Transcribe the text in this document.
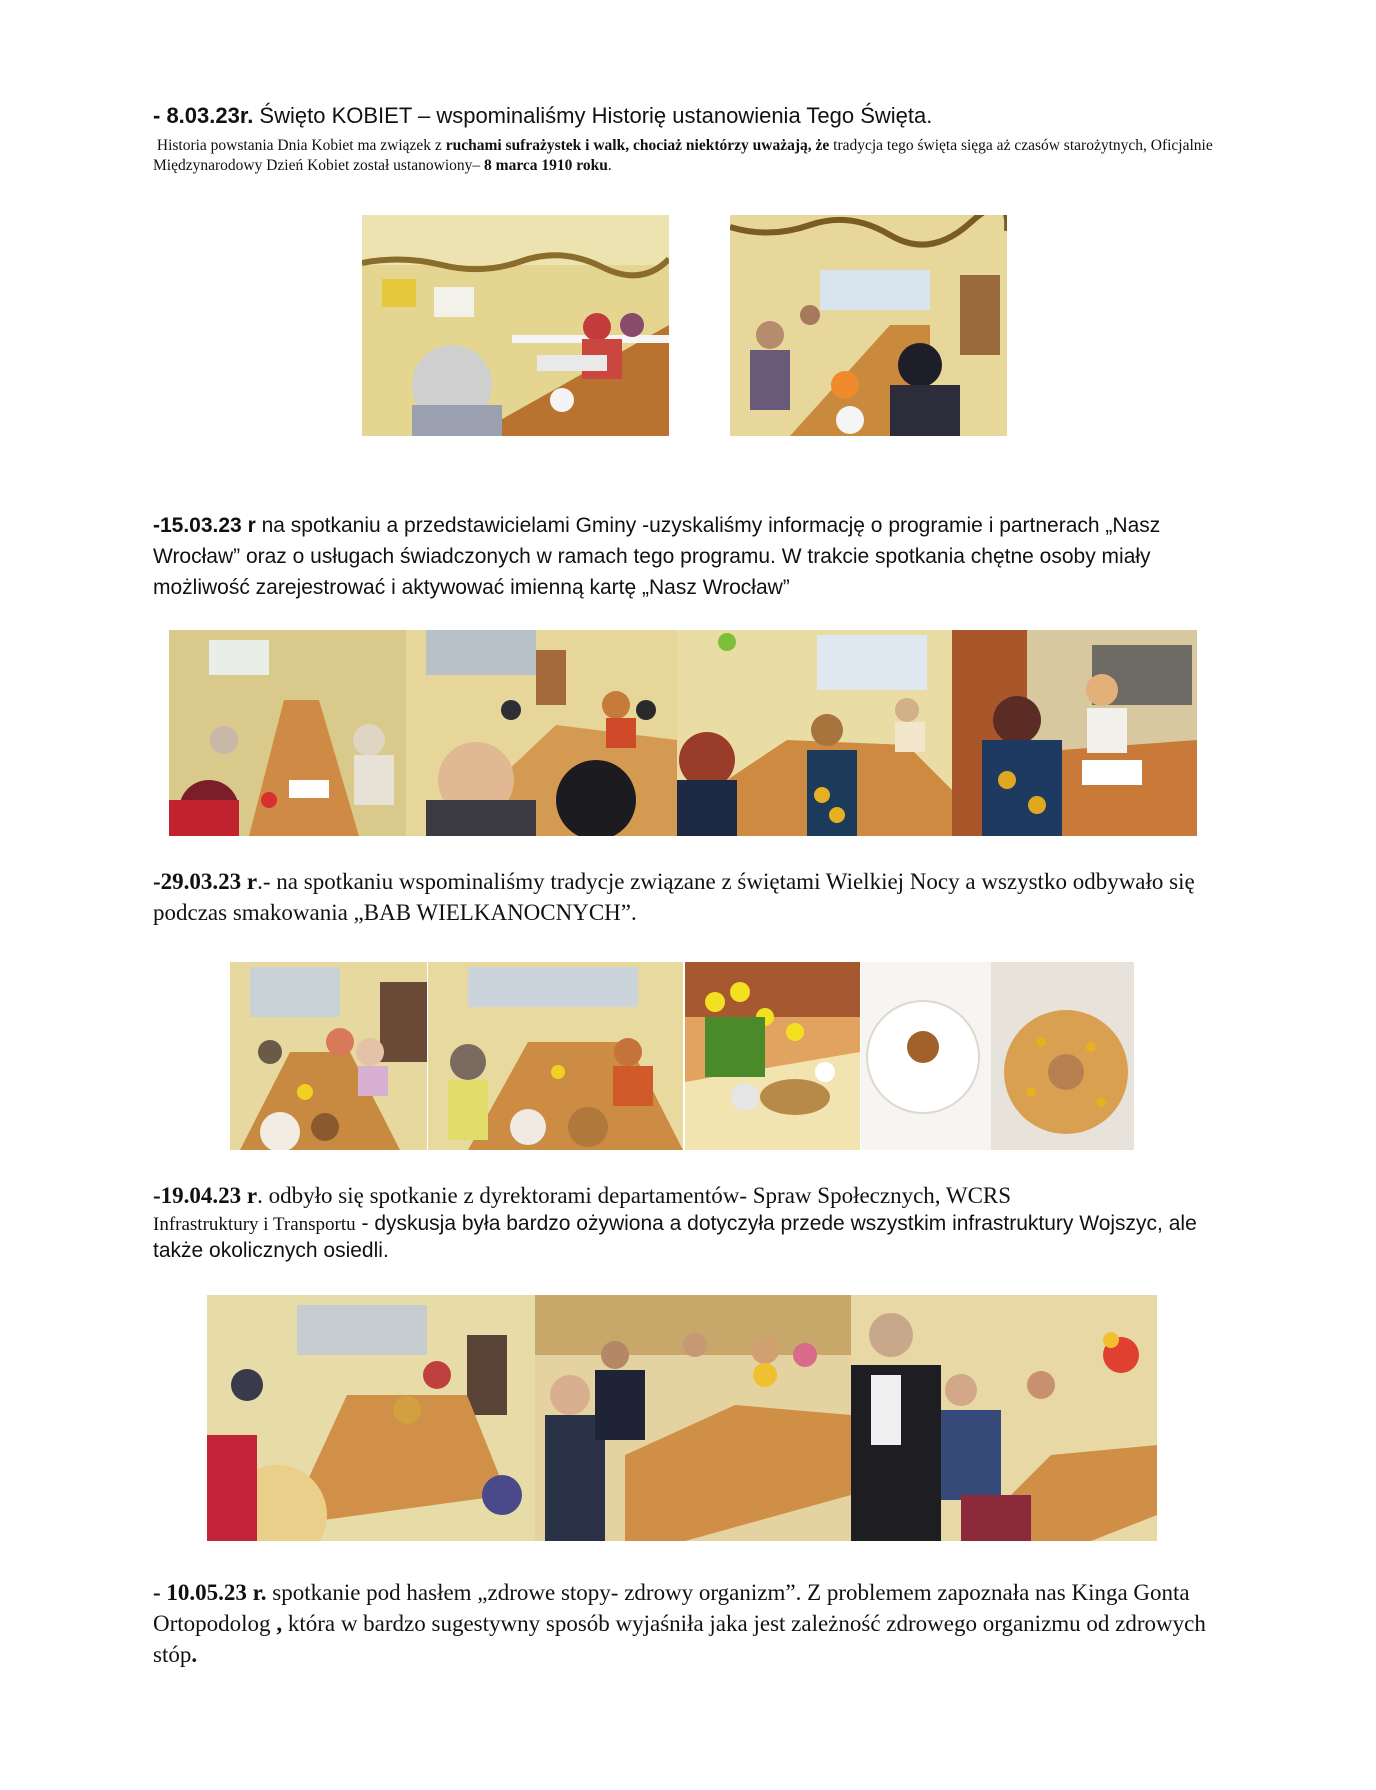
- 8.03.23r. Święto KOBIET – wspominaliśmy Historię ustanowienia Tego Święta.
Historia powstania Dnia Kobiet ma związek z ruchami sufrażystek i walk, chociaż niektórzy uważają, że tradycja tego święta sięga aż czasów starożytnych, Oficjalnie Międzynarodowy Dzień Kobiet został ustanowiony– 8 marca 1910 roku.
-15.03.23 r na spotkaniu a przedstawicielami Gminy -uzyskaliśmy informację o programie i partnerach „Nasz Wrocław” oraz o usługach świadczonych w ramach tego programu. W trakcie spotkania chętne osoby miały możliwość zarejestrować i aktywować imienną kartę „Nasz Wrocław”
-29.03.23 r.- na spotkaniu wspominaliśmy tradycje związane z świętami Wielkiej Nocy a wszystko odbywało się podczas smakowania „BAB WIELKANOCNYCH”.
-19.04.23 r. odbyło się spotkanie z dyrektorami departamentów- Spraw Społecznych, WCRS
Infrastruktury i Transportu - dyskusja była bardzo ożywiona a dotyczyła przede wszystkim infrastruktury Wojszyc, ale także okolicznych osiedli.
- 10.05.23 r. spotkanie pod hasłem „zdrowe stopy- zdrowy organizm”. Z problemem zapoznała nas Kinga Gonta Ortopodolog , która w bardzo sugestywny sposób wyjaśniła jaka jest zależność zdrowego organizmu od zdrowych stóp.
